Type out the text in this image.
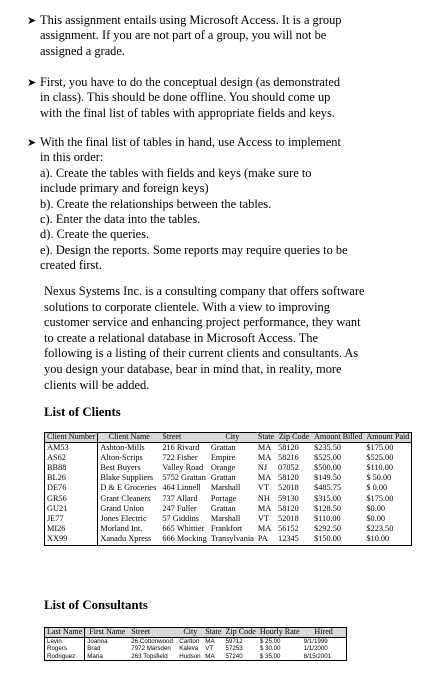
➤ This assignment entails using Microsoft Access. It is a group
assignment. If you are not part of a group, you will not be
assigned a grade.
➤ First, you have to do the conceptual design (as demonstrated
in class). This should be done offline. You should come up
with the final list of tables with appropriate fields and keys.
➤ With the final list of tables in hand, use Access to implement
in this order:
a). Create the tables with fields and keys (make sure to
include primary and foreign keys)
b). Create the relationships between the tables.
c). Enter the data into the tables.
d). Create the queries.
e). Design the reports. Some reports may require queries to be
created first.
Nexus Systems Inc. is a consulting company that offers software
solutions to corporate clientele. With a view to improving
customer service and enhancing project performance, they want
to create a relational database in Microsoft Access. The
following is a listing of their current clients and consultants. As
you design your database, bear in mind that, in reality, more
clients will be added.
List of Clients
Client Number	Client Name	Street	City	State	Zip Code	Amount Billed	Amount Paid
AM53	Ashton-Mills	216 Rivard	Grattan	MA	58120	$235.50	$175.00
AS62	Alton-Scrips	722 Fisher	Empire	MA	58216	$525.00	$525.00
BB88	Best Buyers	Valley Road	Orange	NJ	07052	$500.00	$110.00
BL26	Blake Suppliers	5752 Grattan	Grattan	MA	58120	$149.50	$ 50.00
DE76	D & E Groceries	464 Linnell	Marshall	VT	52018	$485.75	$ 0.00
GR56	Grant Cleaners	737 Allard	Portage	NH	59130	$315.00	$175.00
GU21	Grand Union	247 Fuller	Grattan	MA	58120	$128.50	$0.00
JE77	Jones Electric	57 Giddins	Marshall	VT	52018	$110.00	$0.00
MI26	Morland Int.	665 Whittier	Frankfort	MA	56152	$292.50	$223.50
XX99	Xanadu Xpress	666 Mocking	Transylvania	PA	12345	$150.00	$10.00
List of Consultants
Last Name	First Name	Street	City	State	Zip Code	Hourly Rate	Hired
Levin	Joanna	26 Cottonwood	Carlton	MA	59712	$ 25.00	9/1/1999
Rogers	Brad	7972 Marsden	Kaleva	VT	57253	$ 30.00	1/1/2000
Rodriguez	Maria	263 Topsfield	Hudson	MA	57240	$ 35.00	8/15/2001
